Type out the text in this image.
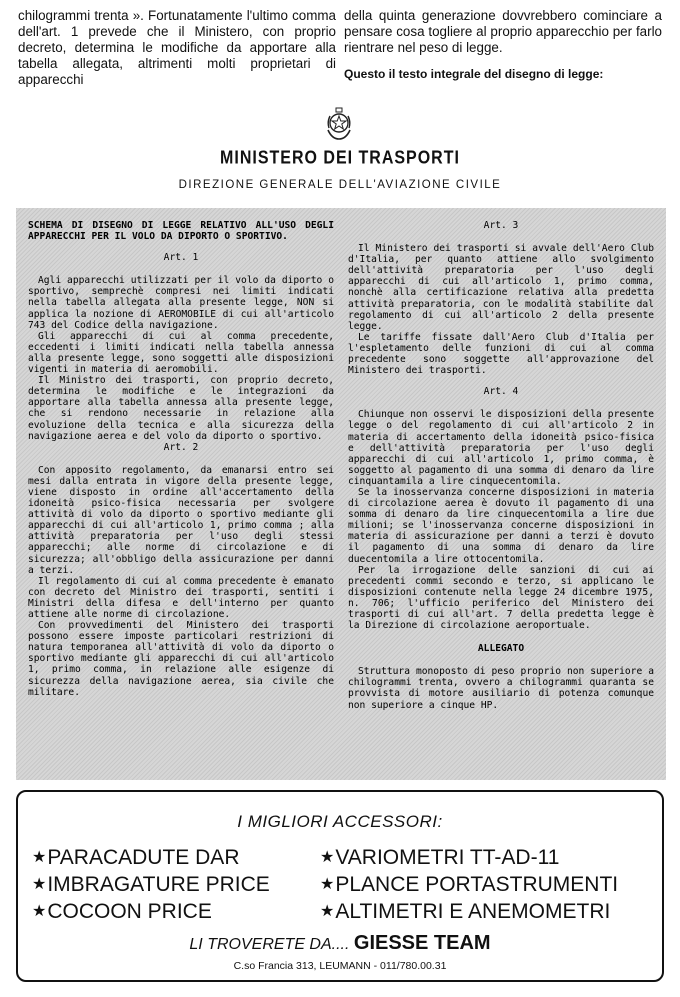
chilogrammi trenta ». Fortunatamente l'ultimo comma dell'art. 1 prevede che il Ministero, con proprio decreto, determina le modifiche da apportare alla tabella allegata, altrimenti molti proprietari di apparecchi

della quinta generazione dovvrebbero cominciare a pensare cosa togliere al proprio apparecchio per farlo rientrare nel peso di legge.

Questo il testo integrale del disegno di legge:

MINISTERO DEI TRASPORTI
DIREZIONE GENERALE DELL'AVIAZIONE CIVILE

SCHEMA DI DISEGNO DI LEGGE RELATIVO ALL'USO DEGLI APPARECCHI PER IL VOLO DA DIPORTO O SPORTIVO.

Art. 1

Agli apparecchi utilizzati per il volo da diporto o sportivo, semprechè compresi nei limiti indicati nella tabella allegata alla presente legge, NON si applica la nozione di AEROMOBILE di cui all'articolo 743 del Codice della navigazione.

Gli apparecchi di cui al comma precedente, eccedenti i limiti indicati nella tabella annessa alla presente legge, sono soggetti alle disposizioni vigenti in materia di aeromobili.

Il Ministro dei trasporti, con proprio decreto, determina le modifiche e le integrazioni da apportare alla tabella annessa alla presente legge, che si rendono necessarie in relazione alla evoluzione della tecnica e alla sicurezza della navigazione aerea e del volo da diporto o sportivo.

Art. 2

Con apposito regolamento, da emanarsi entro sei mesi dalla entrata in vigore della presente legge, viene disposto in ordine all'accertamento della idoneità psico-fisica necessaria per svolgere attività di volo da diporto o sportivo mediante gli apparecchi di cui all'articolo 1, primo comma ; alla attività preparatoria per l'uso degli stessi apparecchi; alle norme di circolazione e di sicurezza; all'obbligo della assicurazione per danni a terzi.

Il regolamento di cui al comma precedente è emanato con decreto del Ministro dei trasporti, sentiti i Ministri della difesa e dell'interno per quanto attiene alle norme di circolazione.

Con provvedimenti del Ministero dei trasporti possono essere imposte particolari restrizioni di natura temporanea all'attività di volo da diporto o sportivo mediante gli apparecchi di cui all'articolo 1, primo comma, in relazione alle esigenze di sicurezza della navigazione aerea, sia civile che militare.

Art. 3

Il Ministero dei trasporti si avvale dell'Aero Club d'Italia, per quanto attiene allo svolgimento dell'attività preparatoria per l'uso degli apparecchi di cui all'articolo 1, primo comma, nonchè alla certificazione relativa alla predetta attività preparatoria, con le modalità stabilite dal regolamento di cui all'articolo 2 della presente legge.

Le tariffe fissate dall'Aero Club d'Italia per l'espletamento delle funzioni di cui al comma precedente sono soggette all'approvazione del Ministero dei trasporti.

Art. 4

Chiunque non osservi le disposizioni della presente legge o del regolamento di cui all'articolo 2 in materia di accertamento della idoneità psico-fisica e dell'attività preparatoria per l'uso degli apparecchi di cui all'articolo 1, primo comma, è soggetto al pagamento di una somma di denaro da lire cinquantamila a lire cinquecentomila.

Se la inosservanza concerne disposizioni in materia di circolazione aerea è dovuto il pagamento di una somma di denaro da lire cinquecentomila a lire due milioni; se l'inosservanza concerne disposizioni in materia di assicurazione per danni a terzi è dovuto il pagamento di una somma di denaro da lire duecentomila a lire ottocentomila.

Per la irrogazione delle sanzioni di cui ai precedenti commi secondo e terzo, si applicano le disposizioni contenute nella legge 24 dicembre 1975, n. 706; l'ufficio periferico del Ministero dei trasporti di cui all'art. 7 della predetta legge è la Direzione di circolazione aeroportuale.

ALLEGATO

Struttura monoposto di peso proprio non superiore a chilogrammi trenta, ovvero a chilogrammi quaranta se provvista di motore ausiliario di potenza comunque non superiore a cinque HP.

I MIGLIORI ACCESSORI:
★PARACADUTE DAR
★IMBRAGATURE PRICE
★COCOON PRICE
★VARIOMETRI TT-AD-11
★PLANCE PORTASTRUMENTI
★ALTIMETRI E ANEMOMETRI
LI TROVERETE DA.... GIESSE TEAM
C.so Francia 313, LEUMANN - 011/780.00.31
